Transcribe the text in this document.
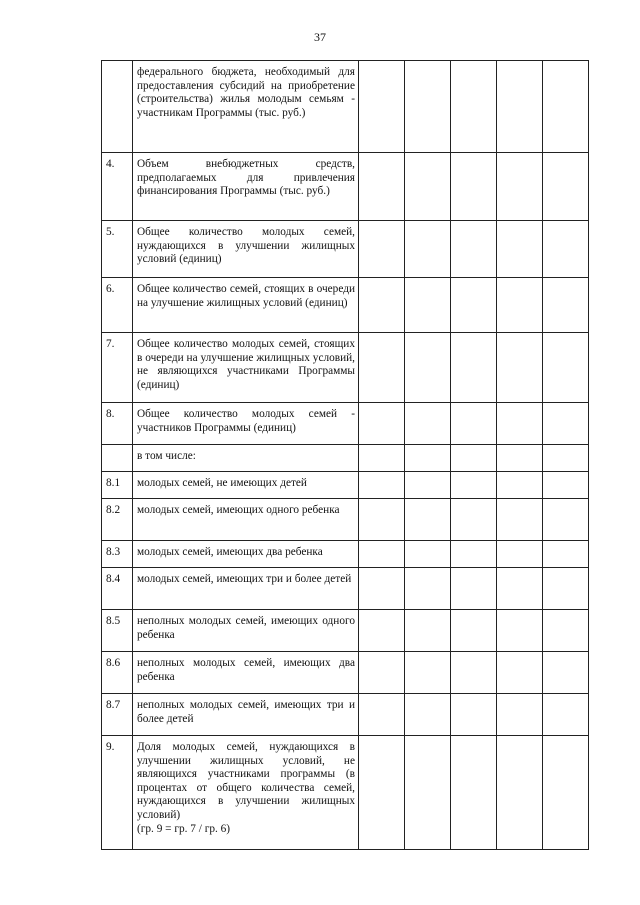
37
	федерального бюджета, необходимый для предоставления субсидий на приобретение (строительства) жилья молодым семьям - участникам Программы (тыс. руб.)					
4.	Объем внебюджетных средств, предполагаемых для привлечения финансирования Программы (тыс. руб.)					
5.	Общее количество молодых семей, нуждающихся в улучшении жилищных условий (единиц)					
6.	Общее количество семей, стоящих в очереди на улучшение жилищных условий (единиц)					
7.	Общее количество молодых семей, стоящих в очереди на улучшение жилищных условий, не являющихся участниками Программы (единиц)					
8.	Общее количество молодых семей - участников Программы (единиц)					
	в том числе:					
8.1	молодых семей, не имеющих детей					
8.2	молодых семей, имеющих одного ребенка					
8.3	молодых семей, имеющих два ребенка					
8.4	молодых семей, имеющих три и более детей					
8.5	неполных молодых семей, имеющих одного ребенка					
8.6	неполных молодых семей, имеющих два ребенка					
8.7	неполных молодых семей, имеющих три и более детей					
9.	Доля молодых семей, нуждающихся в улучшении жилищных условий, не являющихся участниками программы (в процентах от общего количества семей, нуждающихся в улучшении жилищных условий)
(гр. 9 = гр. 7 / гр. 6)					
